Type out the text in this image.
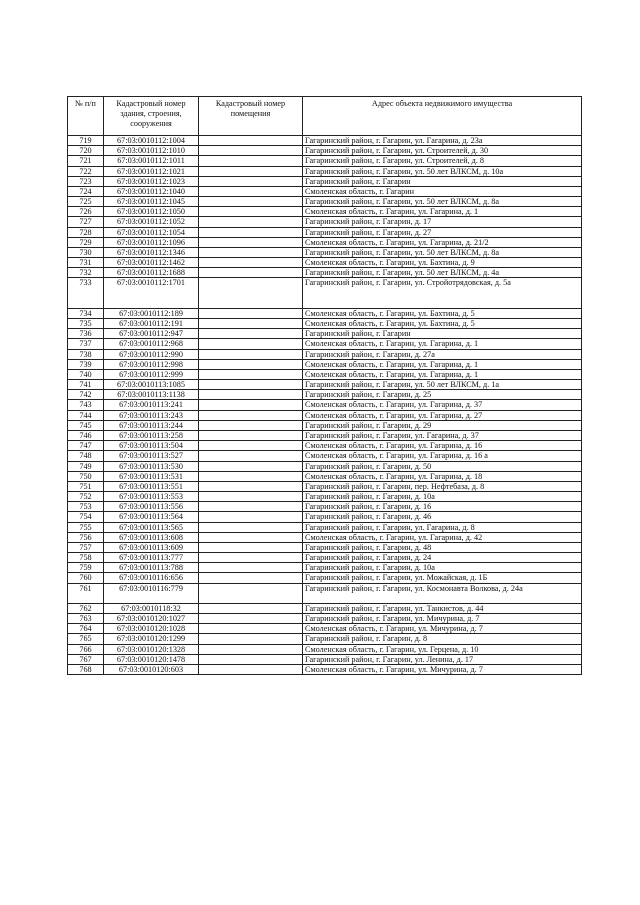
№ п/п	Кадастровый номер здания, строения, сооружения	Кадастровый номер помещения	Адрес объекта недвижимого имущества
719	67:03:0010112:1004		Гагаринский район, г. Гагарин, ул. Гагарина, д. 23а
720	67:03:0010112:1010		Гагаринский район, г. Гагарин, ул. Строителей, д. 30
721	67:03:0010112:1011		Гагаринский район, г. Гагарин, ул. Строителей, д. 8
722	67:03:0010112:1021		Гагаринский район, г. Гагарин, ул. 50 лет ВЛКСМ, д. 10а
723	67:03:0010112:1023		Гагаринский район, г. Гагарин
724	67:03:0010112:1040		Смоленская область, г. Гагарин
725	67:03:0010112:1045		Гагаринский район, г. Гагарин, ул. 50 лет ВЛКСМ, д. 8а
726	67:03:0010112:1050		Смоленская область, г. Гагарин, ул. Гагарина, д. 1
727	67:03:0010112:1052		Гагаринский район, г. Гагарин, д. 17
728	67:03:0010112:1054		Гагаринский район, г. Гагарин, д. 27
729	67:03:0010112:1096		Смоленская область, г. Гагарин, ул. Гагарина, д. 21/2
730	67:03:0010112:1346		Гагаринский район, г. Гагарин, ул. 50 лет ВЛКСМ, д. 8а
731	67:03:0010112:1462		Смоленская область, г. Гагарин, ул. Бахтина, д. 9
732	67:03:0010112:1688		Гагаринский район, г. Гагарин, ул. 50 лет ВЛКСМ, д. 4а
733	67:03:0010112:1701		Гагаринский район, г. Гагарин, ул. Стройотрядовская, д. 5а
734	67:03:0010112:189		Смоленская область, г. Гагарин, ул. Бахтина, д. 5
735	67:03:0010112:191		Смоленская область, г. Гагарин, ул. Бахтина, д. 5
736	67:03:0010112:947		Гагаринский район, г. Гагарин
737	67:03:0010112:968		Смоленская область, г. Гагарин, ул. Гагарина, д. 1
738	67:03:0010112:990		Гагаринский район, г. Гагарин, д. 27а
739	67:03:0010112:998		Смоленская область, г. Гагарин, ул. Гагарина, д. 1
740	67:03:0010112:999		Смоленская область, г. Гагарин, ул. Гагарина, д. 1
741	67:03:0010113:1085		Гагаринский район, г. Гагарин, ул. 50 лет ВЛКСМ, д. 1а
742	67:03:0010113:1138		Гагаринский район, г. Гагарин, д. 25
743	67:03:0010113:241		Смоленская область, г. Гагарин, ул. Гагарина, д. 37
744	67:03:0010113:243		Смоленская область, г. Гагарин, ул. Гагарина, д. 27
745	67:03:0010113:244		Гагаринский район, г. Гагарин, д. 29
746	67:03:0010113:258		Гагаринский район, г. Гагарин, ул. Гагарина, д. 37
747	67:03:0010113:504		Смоленская область, г. Гагарин, ул. Гагарина, д. 16
748	67:03:0010113:527		Смоленская область, г. Гагарин, ул. Гагарина, д. 16 а
749	67:03:0010113:530		Гагаринский район, г. Гагарин, д. 50
750	67:03:0010113:531		Смоленская область, г. Гагарин, ул. Гагарина, д. 18
751	67:03:0010113:551		Гагаринский район, г. Гагарин, пер. Нефтебаза, д. 8
752	67:03:0010113:553		Гагаринский район, г. Гагарин, д. 10а
753	67:03:0010113:556		Гагаринский район, г. Гагарин, д. 16
754	67:03:0010113:564		Гагаринский район, г. Гагарин, д. 46
755	67:03:0010113:565		Гагаринский район, г. Гагарин, ул. Гагарина, д. 8
756	67:03:0010113:608		Смоленская область, г. Гагарин, ул. Гагарина, д. 42
757	67:03:0010113:609		Гагаринский район, г. Гагарин, д. 48
758	67:03:0010113:777		Гагаринский район, г. Гагарин, д. 24
759	67:03:0010113:788		Гагаринский район, г. Гагарин, д. 10а
760	67:03:0010116:656		Гагаринский район, г. Гагарин, ул. Можайская, д. 1Б
761	67:03:0010116:779		Гагаринский район, г. Гагарин, ул. Космонавта Волкова, д. 24а
762	67:03:0010118:32		Гагаринский район, г. Гагарин, ул. Танкистов, д. 44
763	67:03:0010120:1027		Гагаринский район, г. Гагарин, ул. Мичурина, д. 7
764	67:03:0010120:1028		Смоленская область, г. Гагарин, ул. Мичурина, д. 7
765	67:03:0010120:1299		Гагаринский район, г. Гагарин, д. 8
766	67:03:0010120:1328		Смоленская область, г. Гагарин, ул. Герцена, д. 10
767	67:03:0010120:1478		Гагаринский район, г. Гагарин, ул. Ленина, д. 17
768	67:03:0010120:603		Смоленская область, г. Гагарин, ул. Мичурина, д. 7
